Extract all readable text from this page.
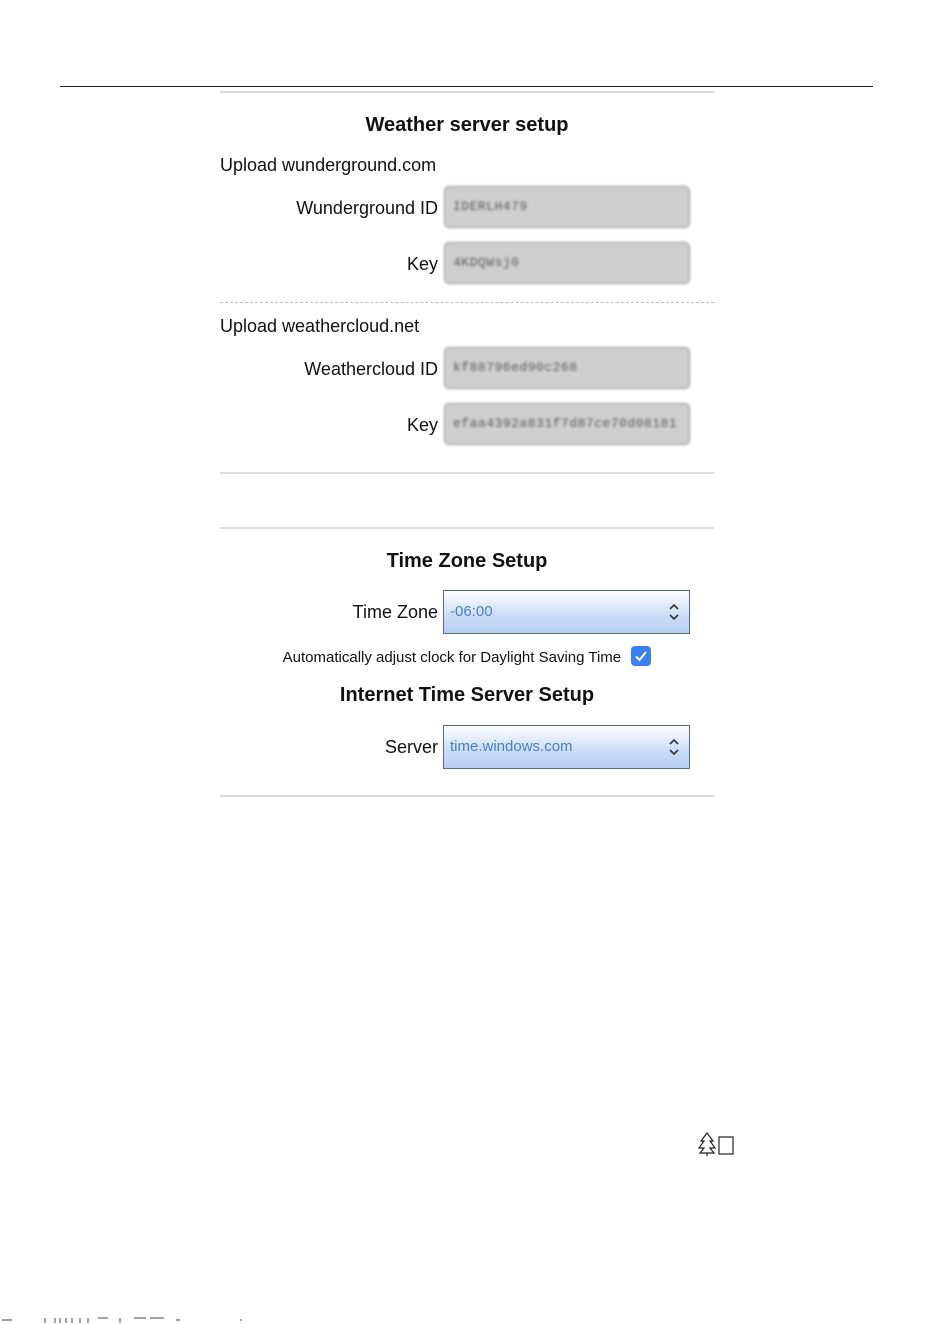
Weather server setup
Upload wunderground.com
Wunderground ID	IDERLH479
Key	4KDQWsj0
Upload weathercloud.net
Weathercloud ID	kf88796ed90c268
Key	efaa4392a831f7d87ce70d08181
Time Zone Setup
Time Zone -06:00
Automatically adjust clock for Daylight Saving Time
Internet Time Server Setup
Server time.windows.com
